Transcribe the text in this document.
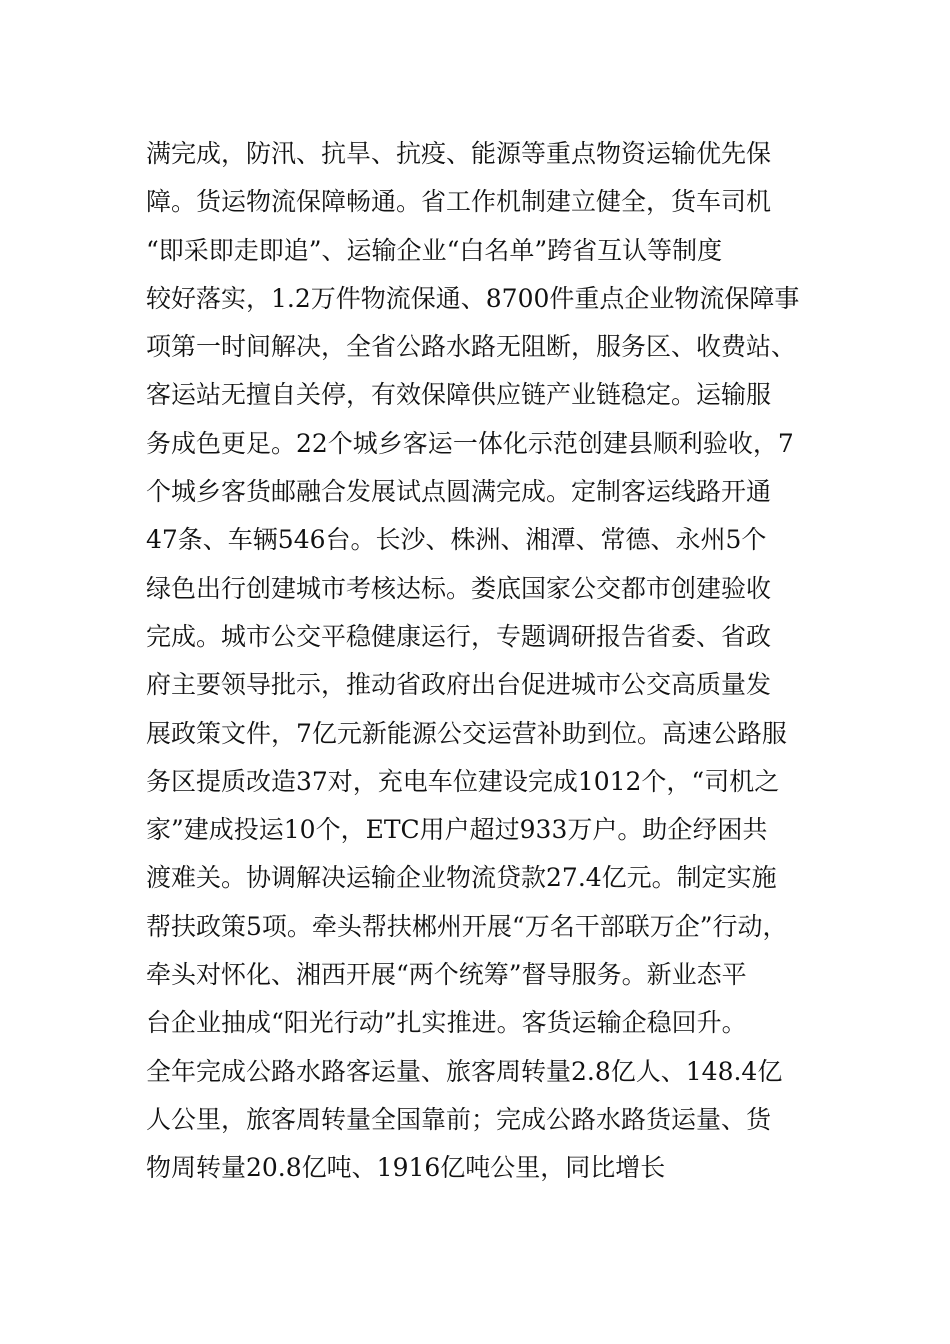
满完成，防汛、抗旱、抗疫、能源等重点物资运输优先保
障。货运物流保障畅通。省工作机制建立健全，货车司机
“即采即走即追”、运输企业“白名单”跨省互认等制度
较好落实，1.2万件物流保通、8700件重点企业物流保障事
项第一时间解决，全省公路水路无阻断，服务区、收费站、
客运站无擅自关停，有效保障供应链产业链稳定。运输服
务成色更足。22个城乡客运一体化示范创建县顺利验收，7
个城乡客货邮融合发展试点圆满完成。定制客运线路开通
47条、车辆546台。长沙、株洲、湘潭、常德、永州5个
绿色出行创建城市考核达标。娄底国家公交都市创建验收
完成。城市公交平稳健康运行，专题调研报告省委、省政
府主要领导批示，推动省政府出台促进城市公交高质量发
展政策文件，7亿元新能源公交运营补助到位。高速公路服
务区提质改造37对，充电车位建设完成1012个，“司机之
家”建成投运10个，ETC用户超过933万户。助企纾困共
渡难关。协调解决运输企业物流贷款27.4亿元。制定实施
帮扶政策5项。牵头帮扶郴州开展“万名干部联万企”行动，
牵头对怀化、湘西开展“两个统筹”督导服务。新业态平
台企业抽成“阳光行动”扎实推进。客货运输企稳回升。
全年完成公路水路客运量、旅客周转量2.8亿人、148.4亿
人公里，旅客周转量全国靠前；完成公路水路货运量、货
物周转量20.8亿吨、1916亿吨公里，同比增长
